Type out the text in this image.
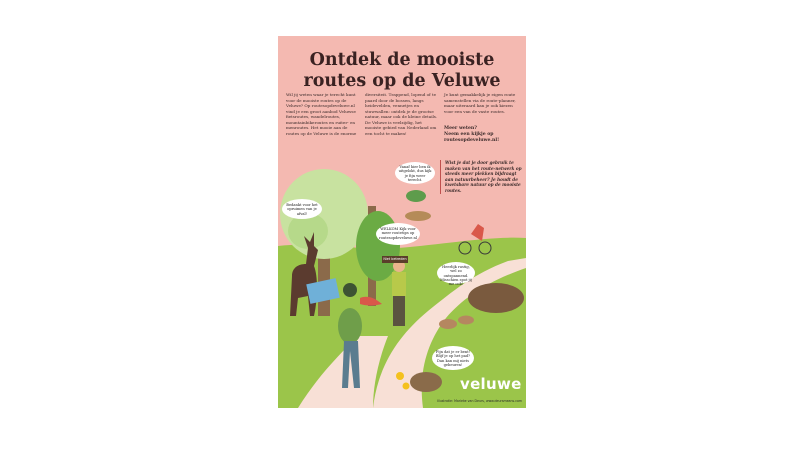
Ontdek de mooiste
routes op de Veluwe

Wil jij weten waar je terecht kunt voor de mooiste routes op de Veluwe? Op routesopdeveluwe.nl vind je een groot aanbod Veluwse fietsroutes, wandelroutes, mountainbikeroutes en ruiter- en menroutes. Het mooie aan de routes op de Veluwe is de enorme

diversiteit. Trappend, lopend of te paard door de bossen, langs heidevelden, vennetjes en stuwwallen: ontdek je de grootse natuur, maar ook de kleine details. De Veluwe is veelzijdig, het mooiste gebied van Nederland om een tocht te maken!

Je kunt gemakkelijk je eigen route samenstellen via de route-planner, maar uiteraard kan je ook kiezen voor een van de vaste routes.

Meer weten?
Neem een kijkje op
routesopdeveluwe.nl!
Wist je dat je door gebruik te maken van het route-netwerk op steeds meer plekken bijdraagt aan natuurbeheer? Je houdt de kwetsbare natuur op de mooiste routes.
Vanaf hier ben ik uitgelokt, dus kijk je fijn weer terecht.
Bedankt voor het opruimen van je afval!
WELKOM Kijk voor meer routetips op routesopdeveluwe.nl
Heerlijk rustig, wel zo ontspannend. Misschien spot jij me ook!
Fijn dat je er bent! Blijf je op het pad? Dan kan mij niets gebeuren!
Niet betreden
veluwe
Illustratie: Marieke van Deurs, www.deursmeans.com
